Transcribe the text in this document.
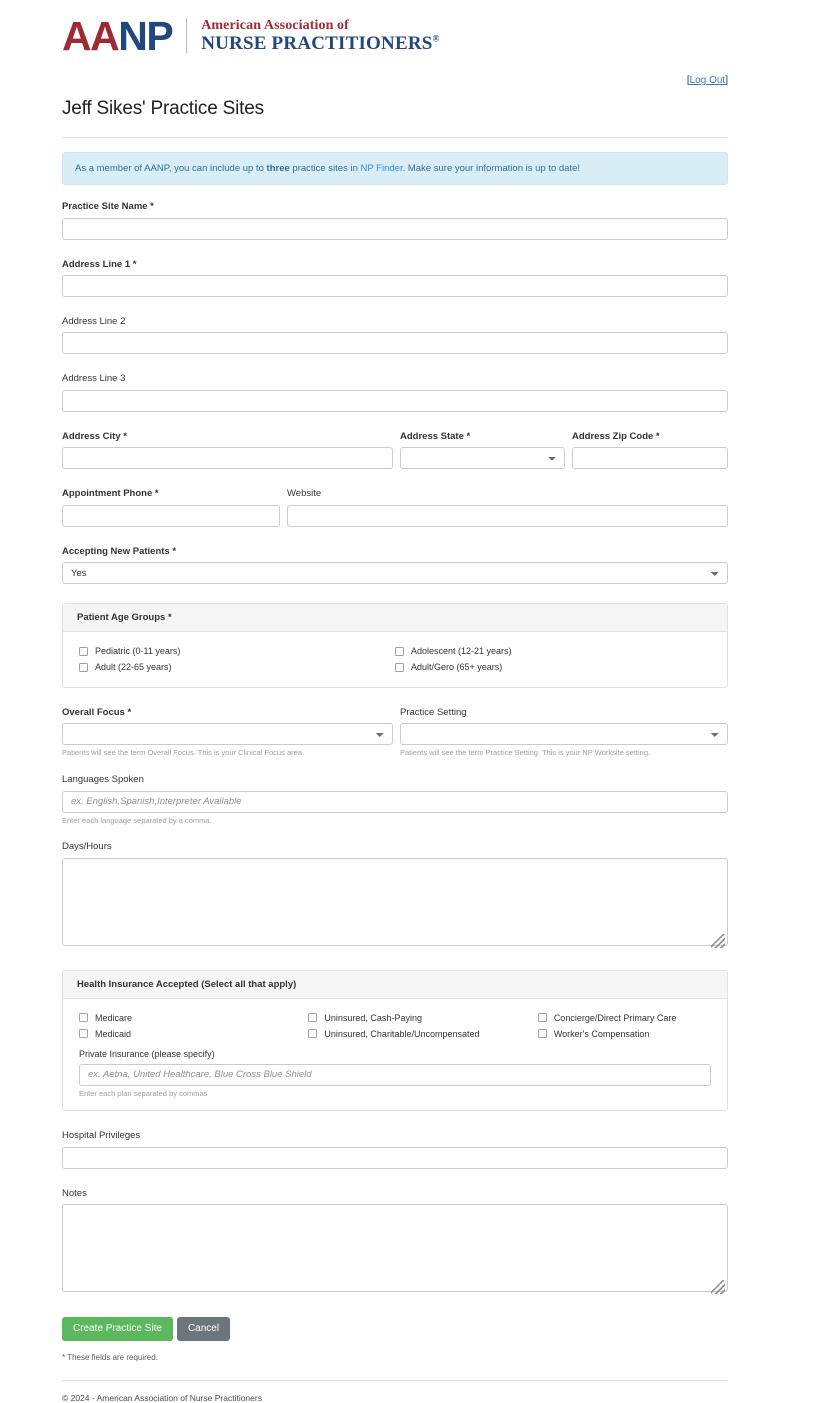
AANP	American Association of
NURSE PRACTITIONERS®
[Log Out]
Jeff Sikes' Practice Sites
As a member of AANP, you can include up to three practice sites in NP Finder. Make sure your information is up to date!
Practice Site Name *
Address Line 1 *
Address Line 2
Address Line 3
Address City *	Address State *	Address Zip Code *
Appointment Phone *	Website
Accepting New Patients *
Yes
Patient Age Groups *
Pediatric (0-11 years)	Adolescent (12-21 years)
Adult (22-65 years)	Adult/Gero (65+ years)
Overall Focus *
Patients will see the term Overall Focus. This is your Clinical Focus area.
Practice Setting
Patients will see the term Practice Setting. This is your NP Worksite setting.
Languages Spoken
ex. English,Spanish,Interpreter Available
Enter each language separated by a comma.
Days/Hours
Health Insurance Accepted (Select all that apply)
Medicare	Uninsured, Cash-Paying	Concierge/Direct Primary Care
Medicaid	Uninsured, Charitable/Uncompensated	Worker's Compensation
Private Insurance (please specify)
ex. Aetna, United Healthcare, Blue Cross Blue Shield
Enter each plan separated by commas
Hospital Privileges
Notes
Create Practice Site	Cancel
* These fields are required.
© 2024 - American Association of Nurse Practitioners
